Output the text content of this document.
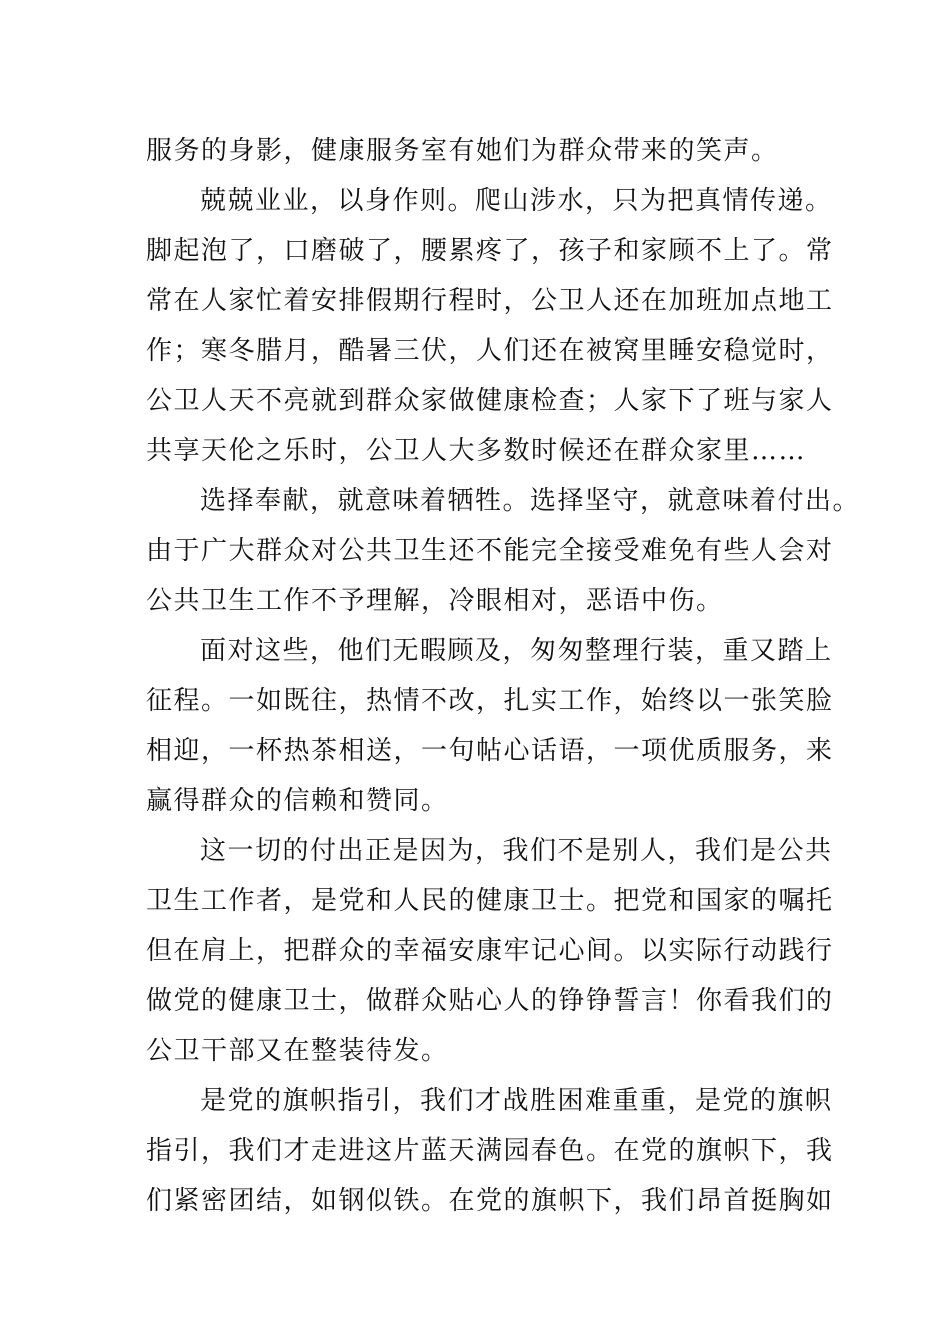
服务的身影，健康服务室有她们为群众带来的笑声。
兢兢业业，以身作则。爬山涉水，只为把真情传递。
脚起泡了，口磨破了，腰累疼了，孩子和家顾不上了。常
常在人家忙着安排假期行程时，公卫人还在加班加点地工
作；寒冬腊月，酷暑三伏，人们还在被窝里睡安稳觉时，
公卫人天不亮就到群众家做健康检查；人家下了班与家人
共享天伦之乐时，公卫人大多数时候还在群众家里……
选择奉献，就意味着牺牲。选择坚守，就意味着付出。
由于广大群众对公共卫生还不能完全接受难免有些人会对
公共卫生工作不予理解，冷眼相对，恶语中伤。
面对这些，他们无暇顾及，匆匆整理行装，重又踏上
征程。一如既往，热情不改，扎实工作，始终以一张笑脸
相迎，一杯热茶相送，一句帖心话语，一项优质服务，来
赢得群众的信赖和赞同。
这一切的付出正是因为，我们不是别人，我们是公共
卫生工作者，是党和人民的健康卫士。把党和国家的嘱托
但在肩上，把群众的幸福安康牢记心间。以实际行动践行
做党的健康卫士，做群众贴心人的铮铮誓言！你看我们的
公卫干部又在整装待发。
是党的旗帜指引，我们才战胜困难重重，是党的旗帜
指引，我们才走进这片蓝天满园春色。在党的旗帜下，我
们紧密团结，如钢似铁。在党的旗帜下，我们昂首挺胸如
